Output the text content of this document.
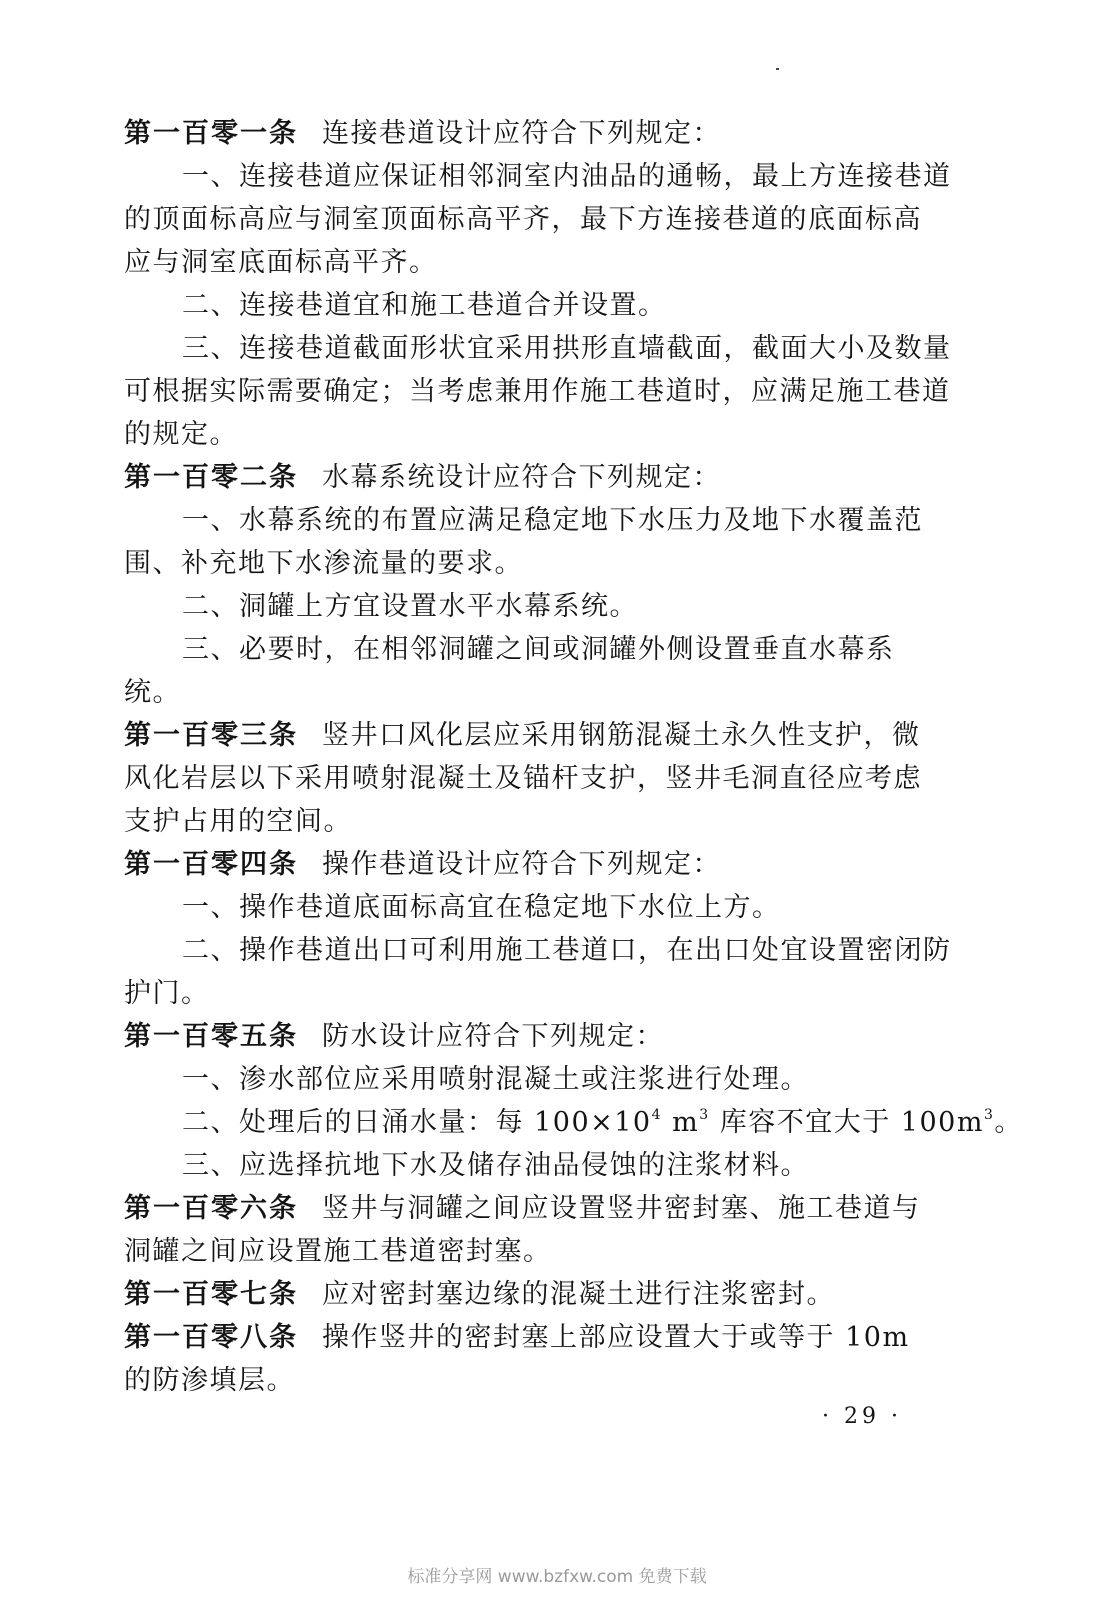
第一百零一条 连接巷道设计应符合下列规定：
一、连接巷道应保证相邻洞室内油品的通畅，最上方连接巷道
的顶面标高应与洞室顶面标高平齐，最下方连接巷道的底面标高
应与洞室底面标高平齐。
二、连接巷道宜和施工巷道合并设置。
三、连接巷道截面形状宜采用拱形直墙截面，截面大小及数量
可根据实际需要确定；当考虑兼用作施工巷道时，应满足施工巷道
的规定。
第一百零二条 水幕系统设计应符合下列规定：
一、水幕系统的布置应满足稳定地下水压力及地下水覆盖范
围、补充地下水渗流量的要求。
二、洞罐上方宜设置水平水幕系统。
三、必要时，在相邻洞罐之间或洞罐外侧设置垂直水幕系
统。
第一百零三条 竖井口风化层应采用钢筋混凝土永久性支护，微
风化岩层以下采用喷射混凝土及锚杆支护，竖井毛洞直径应考虑
支护占用的空间。
第一百零四条 操作巷道设计应符合下列规定：
一、操作巷道底面标高宜在稳定地下水位上方。
二、操作巷道出口可利用施工巷道口，在出口处宜设置密闭防
护门。
第一百零五条 防水设计应符合下列规定：
一、渗水部位应采用喷射混凝土或注浆进行处理。
二、处理后的日涌水量：每 $100\times 10^4$ $m^3$ 库容不宜大于 $100m^3$。
三、应选择抗地下水及储存油品侵蚀的注浆材料。
第一百零六条 竖井与洞罐之间应设置竖井密封塞、施工巷道与
洞罐之间应设置施工巷道密封塞。
第一百零七条 应对密封塞边缘的混凝土进行注浆密封。
第一百零八条 操作竖井的密封塞上部应设置大于或等于 10m
的防渗填层。
· 29 ·
标准分享网 www.bzfxw.com 免费下载
